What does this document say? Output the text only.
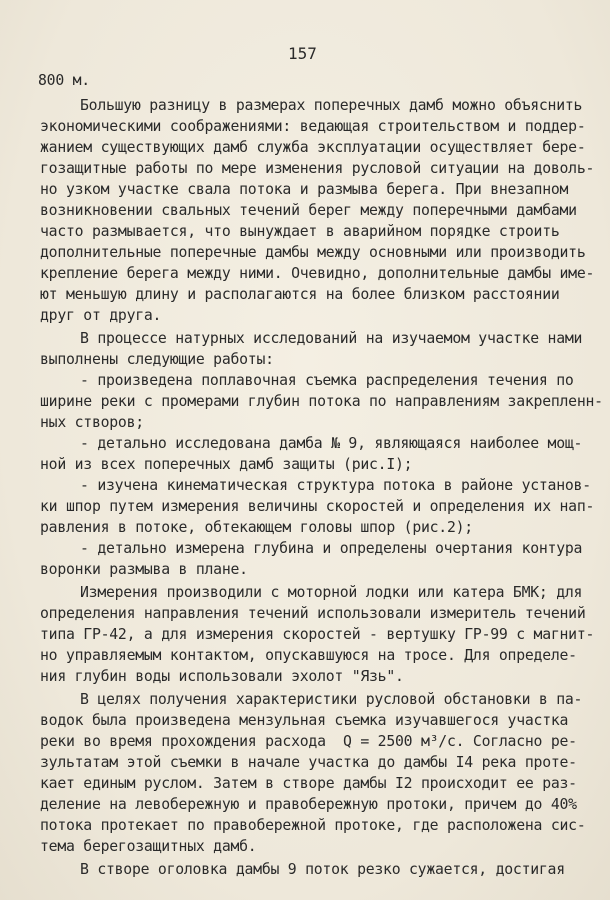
157
800 м.
Большую разницу в размерах поперечных дамб можно объяснить
экономическими соображениями: ведающая строительством и поддер-
жанием существующих дамб служба эксплуатации осуществляет бере-
гозащитные работы по мере изменения русловой ситуации на доволь-
но узком участке свала потока и размыва берега. При внезапном
возникновении свальных течений берег между поперечными дамбами
часто размывается, что вынуждает в аварийном порядке строить
дополнительные поперечные дамбы между основными или производить
крепление берега между ними. Очевидно, дополнительные дамбы име-
ют меньшую длину и располагаются на более близком расстоянии
друг от друга.
В процессе натурных исследований на изучаемом участке нами
выполнены следующие работы:
- произведена поплавочная съемка распределения течения по
ширине реки с промерами глубин потока по направлениям закрепленн-
ных створов;
- детально исследована дамба № 9, являющаяся наиболее мощ-
ной из всех поперечных дамб защиты (рис.I);
- изучена кинематическая структура потока в районе установ-
ки шпор путем измерения величины скоростей и определения их нап-
равления в потоке, обтекающем головы шпор (рис.2);
- детально измерена глубина и определены очертания контура
воронки размыва в плане.
Измерения производили с моторной лодки или катера БМК; для
определения направления течений использовали измеритель течений
типа ГР-42, а для измерения скоростей - вертушку ГР-99 с магнит-
но управляемым контактом, опускавшуюся на тросе. Для определе-
ния глубин воды использовали эхолот "Язь".
В целях получения характеристики русловой обстановки в па-
водок была произведена мензульная съемка изучавшегося участка
реки во время прохождения расхода  Q = 2500 м³/с. Согласно ре-
зультатам этой съемки в начале участка до дамбы I4 река проте-
кает единым руслом. Затем в створе дамбы I2 происходит ее раз-
деление на левобережную и правобережную протоки, причем до 40%
потока протекает по правобережной протоке, где расположена сис-
тема берегозащитных дамб.
В створе оголовка дамбы 9 поток резко сужается, достигая
